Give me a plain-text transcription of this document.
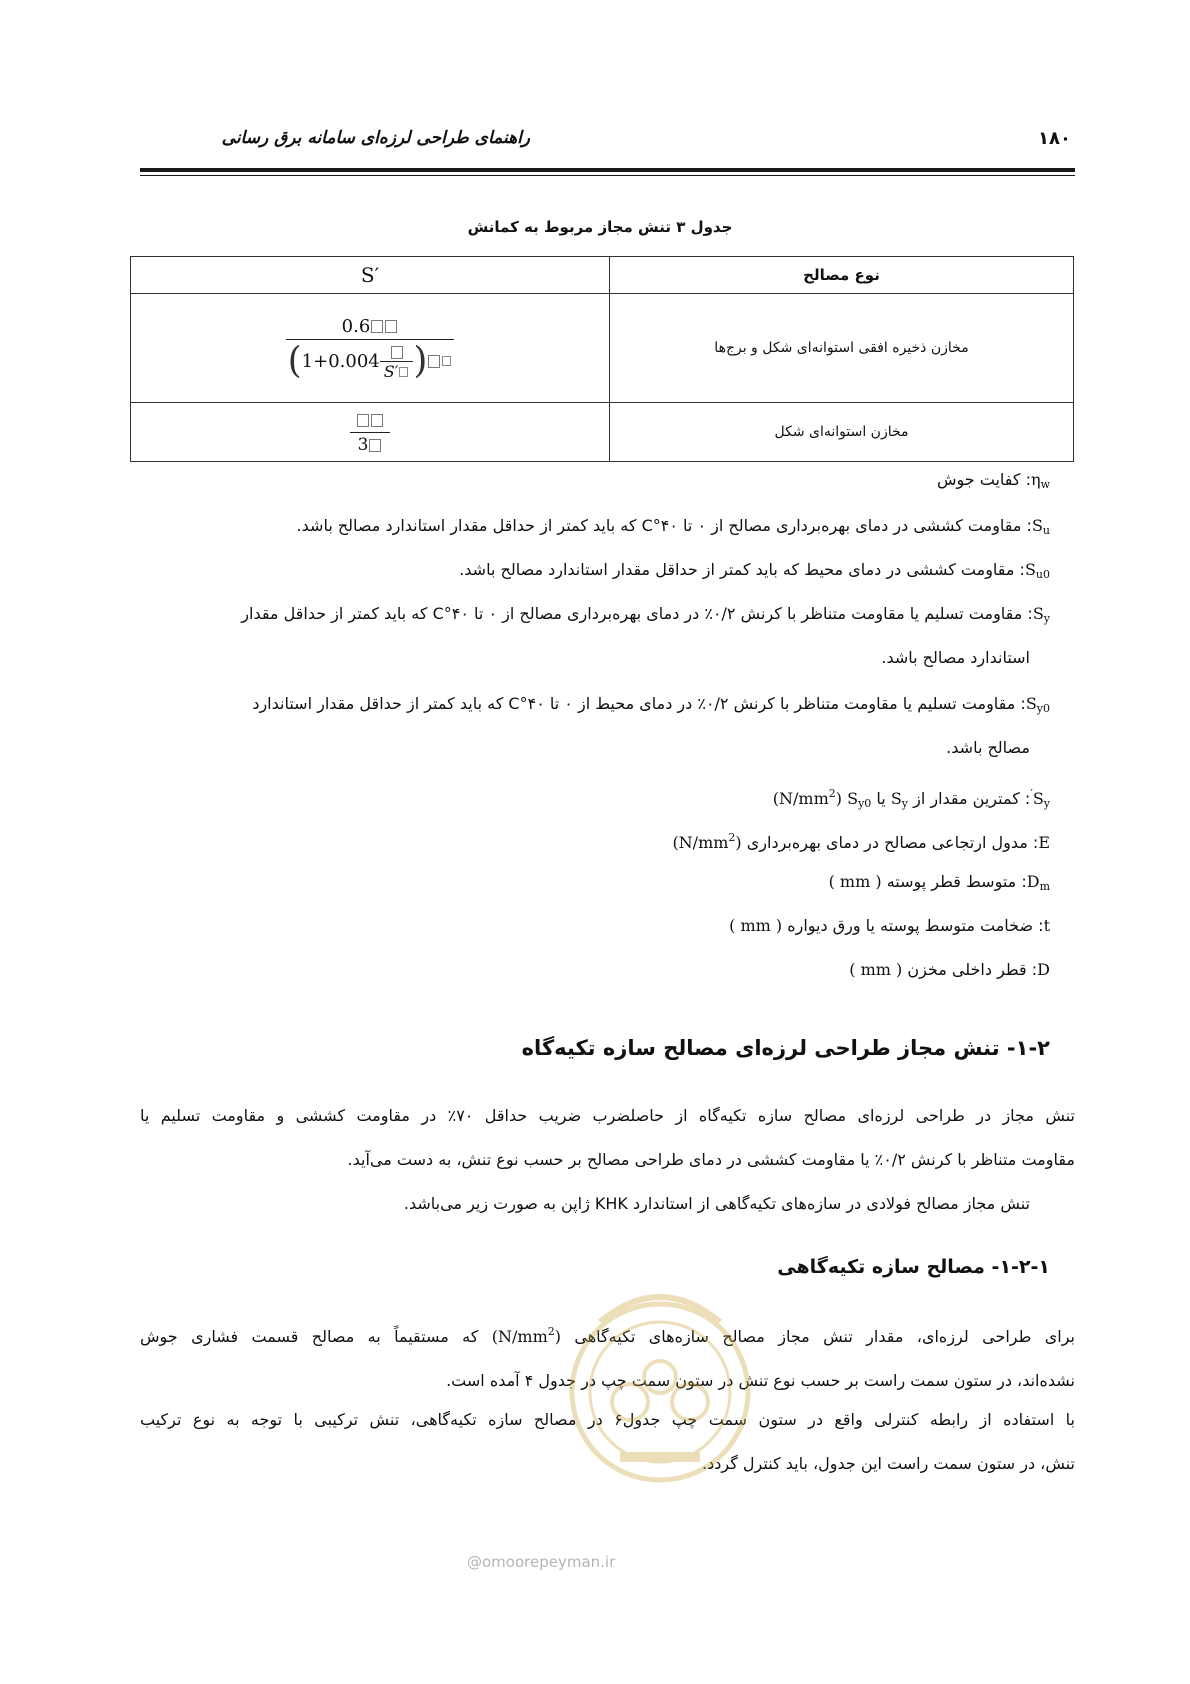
راهنمای طراحی لرزه‌ای سامانه برق رسانی	۱۸۰
جدول ۳ تنش مجاز مربوط به کمانش
S′	نوع مصالح

$\frac{0.6}{(1+0.004 S' )}$	مخازن ذخیره افقی استوانه‌ای شکل و برج‌ها

3	مخازن استوانه‌ای شکل
$\eta_w$: کفایت جوش
$S_u$: مقاومت کششی در دمای بهره‌برداری مصالح از ۰ تا ۴۰°C که باید کمتر از حداقل مقدار استاندارد مصالح باشد.
$S_{u0}$: مقاومت کششی در دمای محیط که باید کمتر از حداقل مقدار استاندارد مصالح باشد.
$S_y$: مقاومت تسلیم یا مقاومت متناظر با کرنش ۰/۲٪ در دمای بهره‌برداری مصالح از ۰ تا ۴۰°C که باید کمتر از حداقل مقدار
استاندارد مصالح باشد.
$S_{y0}$: مقاومت تسلیم یا مقاومت متناظر با کرنش ۰/۲٪ در دمای محیط از ۰ تا ۴۰°C که باید کمتر از حداقل مقدار استاندارد
مصالح باشد.
$S_y'$: کمترین مقدار از $S_y$ یا $S_{y0}$ $(N/mm^2)$
E: مدول ارتجاعی مصالح در دمای بهره‌برداری $(N/mm^2)$
$D_m$: متوسط قطر پوسته ( mm )
t: ضخامت متوسط پوسته یا ورق دیواره ( mm )
D: قطر داخلی مخزن ( mm )
۱-۲- تنش مجاز طراحی لرزه‌ای مصالح سازه تکیه‌گاه
تنش مجاز در طراحی لرزه‌ای مصالح سازه تکیه‌گاه از حاصلضرب ضریب حداقل ۷۰٪ در مقاومت کششی و مقاومت تسلیم یا
مقاومت متناظر با کرنش ۰/۲٪ یا مقاومت کششی در دمای طراحی مصالح بر حسب نوع تنش، به دست می‌آید.
تنش مجاز مصالح فولادی در سازه‌های تکیه‌گاهی از استاندارد KHK ژاپن به صورت زیر می‌باشد.
۱-۲-۱- مصالح سازه تکیه‌گاهی
برای طراحی لرزه‌ای، مقدار تنش مجاز مصالح سازه‌های تکیه‌گاهی $(N/mm^2)$ که مستقیماً به مصالح قسمت فشاری جوش
نشده‌اند، در ستون سمت راست بر حسب نوع تنش در ستون سمت چپ در جدول ۴ آمده است.
با استفاده از رابطه کنترلی واقع در ستون سمت چپ جدول۶ در مصالح سازه تکیه‌گاهی، تنش ترکیبی با توجه به نوع ترکیب
تنش، در ستون سمت راست این جدول، باید کنترل گردد.
@omoorepeyman.ir
